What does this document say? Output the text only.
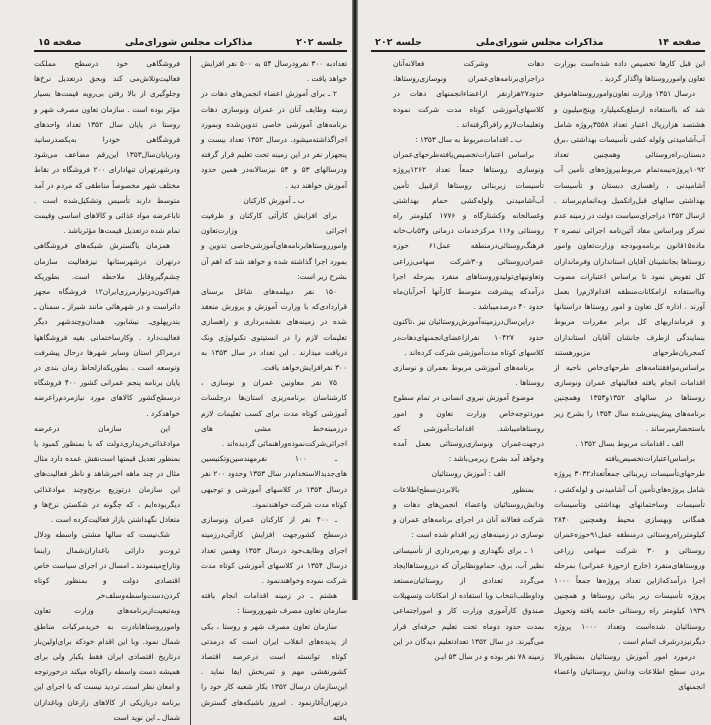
جلسه ۲۰۲
مذاکرات مجلس شورای‌ملی
صفحه ۱۵

تعدادبه ۳۰۰ نفرودرسال ۵۴ به ۵۰۰ نفر افزایش خواهد یافت .

۲ ـ برای آموزش اعضاء انجمن‌های دهات در زمینه وظایف آنان در عمران ونوسازی دهات برنامه‌های آموزشی خاصی تدوین‌شده وبمورد اجراگذاشته‌میشود. درسال ۱۳۵۲ تعداد بیست و پنجهزار نفر در این زمینه تحت تعلیم قرار گرفته ودرسالهای ۵۳ و ۵۴ نیزسالانه‌در همین حدود آموزش خواهند دید .

ب ـ آموزش کارکنان

برای افزایش کارآئی کارکنان و ظرفیت اجرائی وزارت‌تعاون وامورروستاهابرنامه‌های‌آموزشی‌خاصی تدوین و بمورد اجرا گذاشته شده و خواهد شد که اهم آن بشرح زیر است:

۱۵۰ نفر دیپلمه‌های شاغل برسنای قراردادی‌که با وزارت آموزش و پرورش منعقد شده در زمینه‌های نقشه‌برداری و راهسازی تعلیمات لازم را در انستیتوی تکنولوژی ونک دریافت میدارند . این تعداد در سال ۱۳۵۳ به ۳۰۰ نفرافزایش‌خواهد یافت.

۷۵ نفر معاونین عمران و نوسازی ، کارشناسان برنامه‌ریزی استان‌ها درجلسات آموزشی کوتاه مدت برای کسب تعلیمات لازم درزمینه‌خط مشی های اجرائی‌شرکت‌نموده‌وراهنمائی گردیده‌اند .

ـ ۱۰۰ نفرمهندسین‌وتکنیسین های‌جدیدالاستخدام‌در سال ۱۳۵۳ وحدود ۲۰۰ نفر درسال ۱۳۵۴ در کلاسهای آموزشی و توجیهی کوتاه مدت شرکت خواهندنمود.

ـ ۴۰۰ نفر از کارکنان عمران ونوسازی درسطح کشورجهت افزایش کارآئی‌درزمینه اجرای وظایف‌خود درسال ۱۳۵۳ وهمین تعداد درسال ۱۳۵۴ در کلاسهای آموزشی کوتاه مدت شرکت نموده وخواهندنمود .

هشتم ـ در زمینه اقدامات انجام یافته سازمان تعاون مصرف شهروروستا :

سازمان تعاون مصرف شهر و روستا ، یکی از پدیده‌های انقلاب ایران است که درمدتی کوتاه توانسته است درعرصه اقتصاد کشورنقشی مهم و ثمربخش ایفا نماید . این‌سازمان درسال ۱۳۵۲ بکار شعبه کار خود را درتهران‌آغازنمود . امروز باشبکه‌های گسترش یافته

فروشگاهی خود درسطح مملکت فعالیت‌وتلاش‌می کند وبحق درتعدیل نرخ‌ها وجلوگیری از بالا رفتن بی‌رویه قیمت‌ها بسیار مؤثر بوده است . سازمان تعاون مصرف شهر و روستا در پایان سال ۱۳۵۲ تعداد واحدهای فروشگاهی خودرا به‌یکصدرسانید ودرپایان‌سال۱۳۵۳ این‌رقم مضاعف می‌شود ودرشهرتهران تنهادارای ۲۰۰ فروشگاه در نقاط مختلف شهر مخصوصاً مناطقی که مردم در آمد متوسط دارند تأسیس وتشکیل‌شده است . تاباعرضه مواد غذائی و کالاهای اساسی وقیمت تمام شده درتعدیل قیمت‌ها مؤثرباشد .

همزمان باگسترش شبکه‌های فروشگاهی درتهران درشهرستانها نیزفعالیت سازمان چشم‌گیروقابل ملاحظه است. بطوریکه هم‌اکنون‌درنوارمرزی‌ایران۱۲ فروشگاه مجهز دائراست و در شهرهائی مانند شیراز ـ سمنان ـ بندرپهلوی‌ـ نیشابورـ همدان‌وچندشهر دیگر فعالیت‌دارد . وکارساختمانی بقیه فروشگاهها درمراکز استان وسایر شهرها درحال پیشرفت وتوسعه است . بطوریکه‌ازلحاظ زمان بندی در پایان برنامه پنجم عمرانی کشور ۴۰۰ فروشگاه درسطح‌کشور کالاهای مورد نیازمردم‌راعرضه خواهدکرد .

این سازمان درعرضه موادغذائی‌خریداری‌دولت که با بمنظور کمبود یا بمنظور تعدیل قیمتها است‌نقش عمده دارد مثال مثال در چند ماهه اخیرشاهد و ناظر فعالیت‌های این سازمان درتوزیع برنج‌وچند موادغذائی دیگربوده‌ایم ، که چگونه در شکستن نرخ‌ها و متعادل نگهداشتن بازار فعالیت‌کرده است .

شک‌نیست که سالها مشتی واسطه ودلال ثروت‌و دارائی باغداران‌شمال راینما وتاراج‌مینمودند ـ امسال در اجرای سیاست خاص اقتصادی دولت و بمنظور کوتاه کردن‌دست‌واسطه‌وسلف‌خر وبه‌تبعیت‌ازبرنامه‌های وزارت تعاون وامورروستاهابادرت به خریدمرکبات مناطق شمال نمود. وبا این اقدام خودکه برای‌اولین‌بار درتاریخ اقتصادی ایران فقط یکبار ولی برای همیشه دست واسطه راکوتاه میکند درخورتوجه و امعان نظر است‌ـ تردید نیست که با اجرای این برنامه دربازیکی از کالاهای زارعان وباغداران شمال ـ این نوید است

صفحه ۱۴
مذاکرات مجلس شورای‌ملی
جلسه ۲۰۲

این قبل کارها تخصیص داده شده‌است بوزارت تعاون وامورروستاها واگذار گردید .

درسال ۱۳۵۱ وزارت تعاون‌وامورروستاهاموفق شد که بااستفاده ازمبلغ‌یکمیلیارد وپنج‌میلیون و هشتصد هزارریال اعتبار تعداد ۳۵۵۸پروژه شامل آب‌آشامیدنی ولوله کشی تأسیسات بهداشتی ،برق دبستان،راه‌روستائی وهمچنین تعداد ۱۰۹۲پروژه‌نیمه‌تمام مربوط‌بپروژه‌های تأمین آب آشامیدنی ، راهسازی دبستان و تأسیسات بهداشتی سالهای قبل‌راتکمیل وبه‌اتمام‌برساند . ازسال ۱۳۵۲ دراجرای‌سیاست دولت در زمینه عدم تمرکز وبراساس مفاد آئین‌نامه اجرائی تبصره ۲ ماده۱۵قانون برنامه‌وبودجه وزارت‌تعاون وامور روستاها بجانشینان آقایان استانداران وفرمانداران کل تفویض نمود تا براساس اعتبارات مصوب وبااستفاده ازامکانات‌منطقه اقدام‌لازم‌را بعمل آورند . اداره کل تعاون و امور روستاها دراستانها و فرمانداریهای کل برابر مقررات مربوط بنمایندگی ازطرف جانشان آقایان استانداران کمجریان‌طرحهای مزبورهستند براساس‌موافقتنامه‌های طرحهای‌خاص ناحیه از اقدامات انجام یافته فعالیتهای عمران ونوسازی روستاها در سالهای ۱۳۵۲و۱۳۵۳ وهمچنین برنامه‌های پیش‌بینی‌شده سال ۱۳۵۴ را بشرح زیر باستحضار‌میرساند .

الف ـ اقدامات مربوط بسال ۱۳۵۲ .

براساس‌اعتبارات‌تخصیص‌یافته طرحهای‌تأسیسات زیربنائی جمعاً‌تعداد۳۰۳۲ پروژه شامل پروژه‌های‌تأمین آب آشامیدنی و لوله‌کشی ، تأسیسات وساختمانهای بهداشتی وتأسیسات همگانی وبهسازی محیط وهمچنین ۲۸۴۰ کیلومترراه‌روستائی درمنطقه عمل۹۱حوزه‌عمران روستائی و ۳۰ شرکت سهامی زراعی وروستاهای‌منفرد (خارج ازحوزهٔ عمرانی) بمرحله اجرا درآمدکه‌ازاین تعداد پروژه‌ها جمعاً ۱۰۰۰ پروژه تأسیسات زیر بنائی روستاها و همچنین ۱۹۳۹ کیلومتر راه روستائی خاتمه یافته وتحویل روستائیان شده‌است وتعداد ۱۰۰۰ پروژه دیگرنیزدرشرف اتمام است .

درمورد امور آموزش روستائیان بمنظوربالا بردن سطح اطلاعات ودانش روستائیان واعضاء انجمنهای

دهات وشرکت فعالانه‌آنان دراجرای‌برنامه‌های‌عمران ونوسازی‌روستاها، حدود۲۷هزارنفر ازاعضاءانجمنهای دهات در کلاسهای‌آموزشی کوتاه مدت شرکت نموده وتعلیمات‌لازم رافراگرفته‌اند .

ب ـ اقدامات‌مربوط به سال ۱۳۵۳ :

براساس اعتبارات‌تخصیص‌یافته‌طرحهای‌عمران ونوسازی روستاها جمعاً تعداد ۱۲۶۲پروژه تأسیسات زیربنائی روستاها ازقبیل تأمین آب‌آشامیدنی ولوله‌کشی حمام بهداشتی وغسالخانه وکشتارگاه و ۱۷۷۶ کیلومتر راه روستائی و۱۱۶ مرکزخدمات درمانی و۵۳باب‌خانه فرهنگ‌روستائی‌درمنطقه عمل۶۱ حوزه عمران‌روستائی و۳۰شرکت سهامی‌زراعی وتعاونیهای‌تولیدوروستاهای منفرد بمرحله اجرا درآمدکه پیشرفت متوسط کارآنها آخرآبان‌ماه حدود ۴۰ درصدمیباشد .

دراین‌سال‌درزمینه‌آموزش‌روستائیان نیز ،تاکنون حدود ۱۰۴۲۷ نفرازاعضای‌انجمنهای‌دهات‌در کلاسهای کوتاه مدت‌آموزشی شرکت کرده‌اند .

برنامه‌های آموزشی مربوط بعمران و نوسازی روستاها .

موضوع آموزش نیروی انسانی در تمام سطوح موردتوجه‌خاص وزارت تعاون و امور روستاهامیباشد. اقدامات‌آموزشی که درجهت‌عمران ونوسازی‌روستائی بعمل آمده وخواهد آمد بشرح زیرمی‌باشد :

الف : آموزش روستائیان

بمنظور بالابردن‌سطح‌اطلاعات ودانش‌روستائیان واعضاء انجمن‌های دهات و شرکت فعالانه آنان در اجرای برنامه‌های عمران و نوسازی در زمینه‌های زیر اقدام شده است :

۱ ـ برای نگهداری و بهره‌برداری از تأسیساتی نظیر آب، برق، حمام‌ونظایر‌آن که درروستاهاایجاد می‌گردد تعدادی از روستائیان‌مستعد وداوطلب‌انتخاب وبا استفاده از امکانات وتسهیلات صندوق کارآموزی وزارت کار و اموراجتماعی بمدت حدود دوماه تحت تعلیم حرفه‌ای قرار می‌گیرند. در سال ۱۳۵۲ تعدادتعلیم دیدگان در این زمینه ۷۸ نفر بوده و در سال ۵۳ ایـن
